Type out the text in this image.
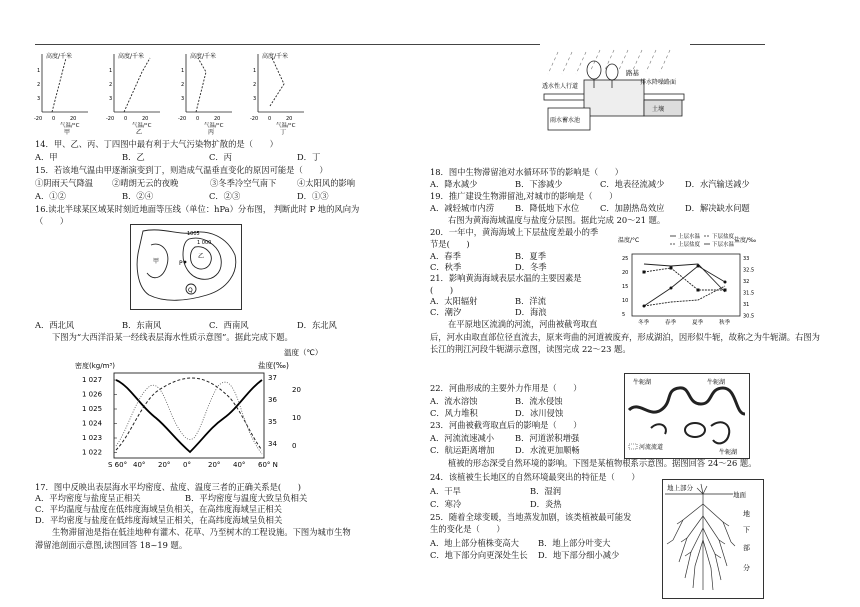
高度/千米
3
2
1
-20 0	20
气温/°C
甲
高度/千米
3
2
1
-20 0	20
气温/°C
乙
高度/千米
3
2
1
-20 0	20
气温/°C
丙
高度/千米
3
2
1
-20 0	20
气温/°C
丁
14．甲、乙、丙、丁四图中最有利于大气污染物扩散的是（　　）
A．甲	B．乙	C．丙	D．丁
15．若该地气温由甲逐渐演变到丁，则造成气温垂直变化的原因可能是（　　）
①阴雨天气降温 ②晴朗无云的夜晚	③冬季冷空气南下 ④太阳风的影响
A．①②	B．②④	C．②③	D．①③
16.读北半球某区域某时刻近地面等压线（单位：hPa）分布图， 判断此时 P 地的风向为
（　　）
1005
1 000
乙
P
Q
甲
A．西北风	B．东南风	C．西南风	D．东北风
下图为“大西洋沿某一经线表层海水性质示意图”。据此完成下题。
温度（℃）
密度(kg/m³)	盐度(‰)
1 027
1 026
1 025
1 024
1 023
1 022
37
36
35
34
20
10
0
S 60° 40° 20° 0° 20° 40° 60° N
17．图中反映出表层海水平均密度、盐度、温度三者的正确关系是(　　)
A．平均密度与盐度呈正相关	B．平均密度与温度大致呈负相关
C．平均温度与盐度在低纬度海域呈负相关，在高纬度海域呈正相关
D．平均密度与盐度在低纬度海域呈正相关，在高纬度海域呈负相关
生物滞留池是指在低洼地种有灌木、花草、乃至树木的工程设施。下图为城市生物
滞留池剖面示意图,读图回答 18~19 题。
路基
透水性人行道
排水降噪路面
土壤
雨水蓄水池
18．图中生物滞留池对水循环环节的影响是（　　）
A．降水减少	B．下渗减少	C．地表径流减少 D．水汽输送减少
19．推广建设生物滞留池,对城市的影响是（　　）
A．减轻城市内涝	B．降低地下水位	C．加剧热岛效应 D．解决缺水问题
右图为黄海海域温度与盐度分层图。据此完成 20～21 题。
20．一年中，黄海海域上下层盐度差最小的季
节是(　　)
A．春季	B．夏季
C．秋季	D．冬季
21．影响黄海海域表层水温的主要因素是
(　　)
A．太阳辐射	B．洋流
C．潮汐	D．海浪
温度/°C	盐度/‰
上层水温 下层盐度
上层盐度 下层水温
25
20
15
10
5
33
32.5
32
31.5
31
30.5
冬季	春季	夏季	秋季
在平原地区流淌的河流，河曲被截弯取直
后，河水由取直部位径直流去，原来弯曲的河道被废弃，形成湖泊，因形似牛轭，故称之为牛轭湖。右图为长江的荆江河段牛轭湖示意图，读图完成 22～23 题。
牛轭湖	牛轭湖
牛轭湖
河流流道
22．河曲形成的主要外力作用是（　　）
A．流水溶蚀	B．流水侵蚀
C．风力堆积	D．冰川侵蚀
23．河曲被截弯取直后的影响是（　　）
A．河流流速减小	B．河道淤积增强
C．航运距离增加 D．水流更加顺畅
植被的形态深受自然环境的影响。下图是某植物根系示意图。据图回答 24～26 题。
24．该植被生长地区的自然环境最突出的特征是（　　）
A．干旱	B．湿润
C．寒冷	D．炎热
25．随着全球变暖，当地蒸发加剧，该类植被最可能发
生的变化是（　　）
A．地上部分植株变高大 B．地上部分叶变大
C．地下部分向更深处生长 D．地下部分细小减少
地上部分
地面
地
下
部
分
